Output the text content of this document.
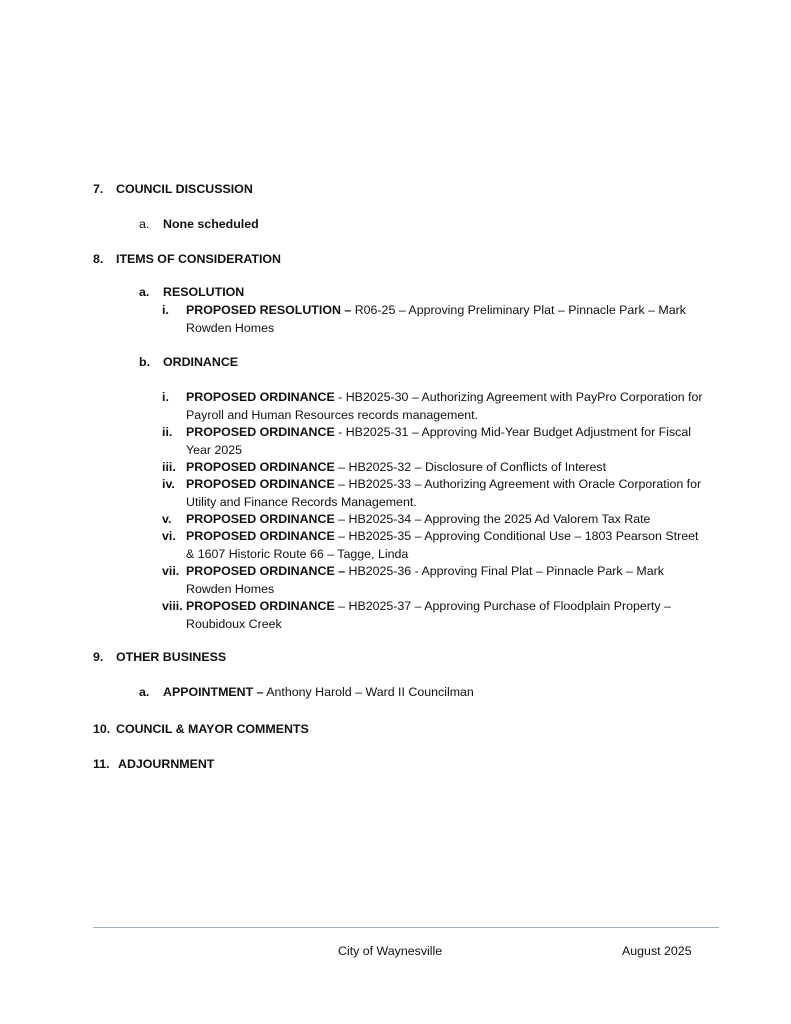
7. COUNCIL DISCUSSION
a. None scheduled
8. ITEMS OF CONSIDERATION
a. RESOLUTION
i. PROPOSED RESOLUTION – R06-25 – Approving Preliminary Plat – Pinnacle Park – Mark Rowden Homes
b. ORDINANCE
i. PROPOSED ORDINANCE - HB2025-30 – Authorizing Agreement with PayPro Corporation for Payroll and Human Resources records management.
ii. PROPOSED ORDINANCE - HB2025-31 – Approving Mid-Year Budget Adjustment for Fiscal Year 2025
iii. PROPOSED ORDINANCE – HB2025-32 – Disclosure of Conflicts of Interest
iv. PROPOSED ORDINANCE – HB2025-33 – Authorizing Agreement with Oracle Corporation for Utility and Finance Records Management.
v. PROPOSED ORDINANCE – HB2025-34 – Approving the 2025 Ad Valorem Tax Rate
vi. PROPOSED ORDINANCE – HB2025-35 – Approving Conditional Use – 1803 Pearson Street & 1607 Historic Route 66 – Tagge, Linda
vii. PROPOSED ORDINANCE – HB2025-36 - Approving Final Plat – Pinnacle Park – Mark Rowden Homes
viii. PROPOSED ORDINANCE – HB2025-37 – Approving Purchase of Floodplain Property – Roubidoux Creek
9. OTHER BUSINESS
a. APPOINTMENT – Anthony Harold – Ward II Councilman
10. COUNCIL & MAYOR COMMENTS
11. ADJOURNMENT
City of Waynesville	August 2025
